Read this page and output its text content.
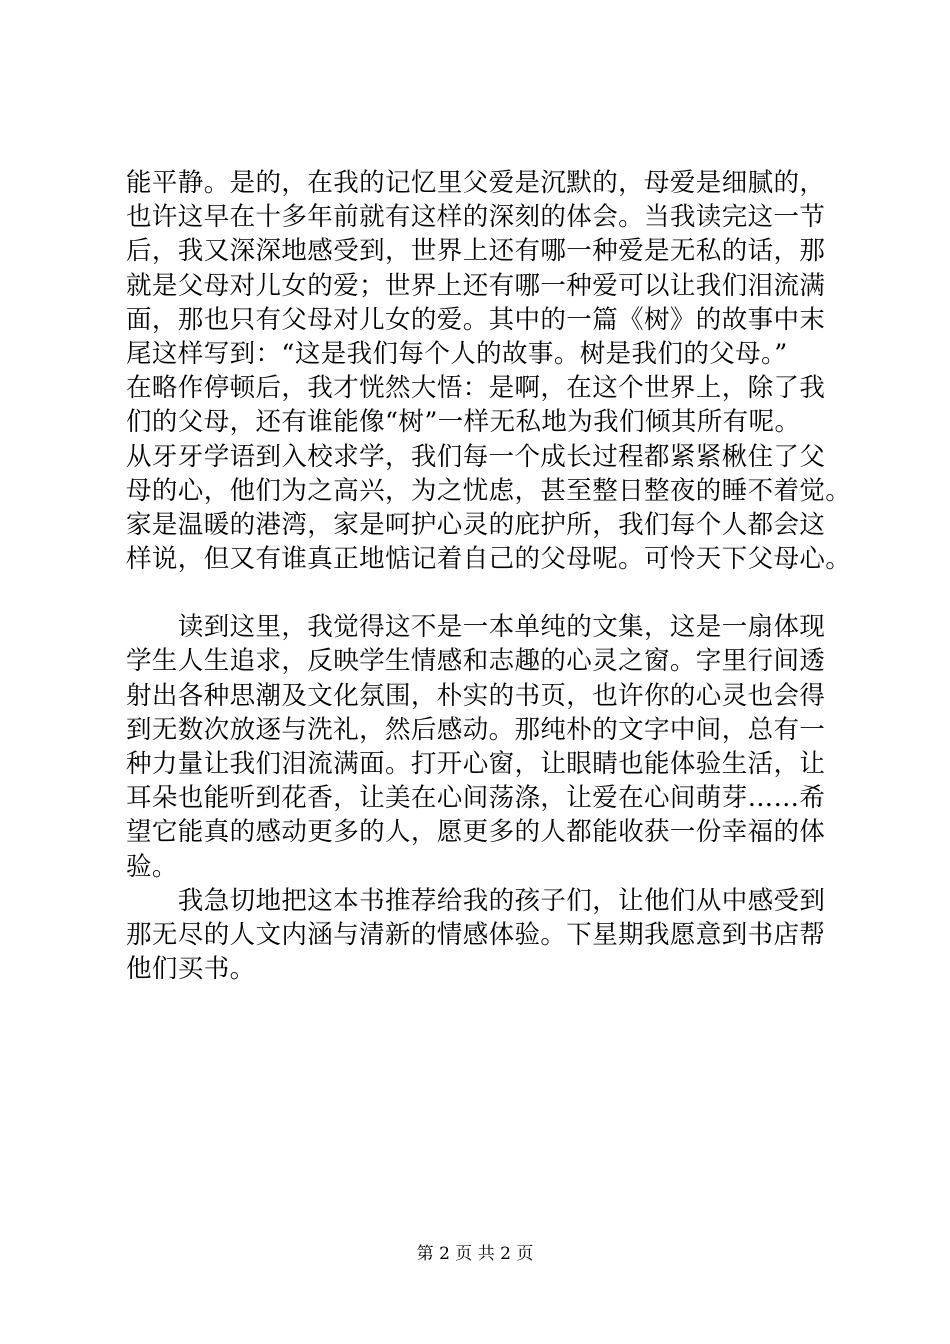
能平静。是的，在我的记忆里父爱是沉默的，母爱是细腻的，
也许这早在十多年前就有这样的深刻的体会。当我读完这一节
后，我又深深地感受到，世界上还有哪一种爱是无私的话，那
就是父母对儿女的爱；世界上还有哪一种爱可以让我们泪流满
面，那也只有父母对儿女的爱。其中的一篇《树》的故事中末
尾这样写到：“这是我们每个人的故事。树是我们的父母。”
在略作停顿后，我才恍然大悟：是啊，在这个世界上，除了我
们的父母，还有谁能像“树”一样无私地为我们倾其所有呢。
从牙牙学语到入校求学，我们每一个成长过程都紧紧楸住了父
母的心，他们为之高兴，为之忧虑，甚至整日整夜的睡不着觉。
家是温暖的港湾，家是呵护心灵的庇护所，我们每个人都会这
样说，但又有谁真正地惦记着自己的父母呢。可怜天下父母心。
　　读到这里，我觉得这不是一本单纯的文集，这是一扇体现
学生人生追求，反映学生情感和志趣的心灵之窗。字里行间透
射出各种思潮及文化氛围，朴实的书页，也许你的心灵也会得
到无数次放逐与洗礼，然后感动。那纯朴的文字中间，总有一
种力量让我们泪流满面。打开心窗，让眼睛也能体验生活，让
耳朵也能听到花香，让美在心间荡涤，让爱在心间萌芽……希
望它能真的感动更多的人，愿更多的人都能收获一份幸福的体
验。
　　我急切地把这本书推荐给我的孩子们，让他们从中感受到
那无尽的人文内涵与清新的情感体验。下星期我愿意到书店帮
他们买书。
第 2 页 共 2 页
